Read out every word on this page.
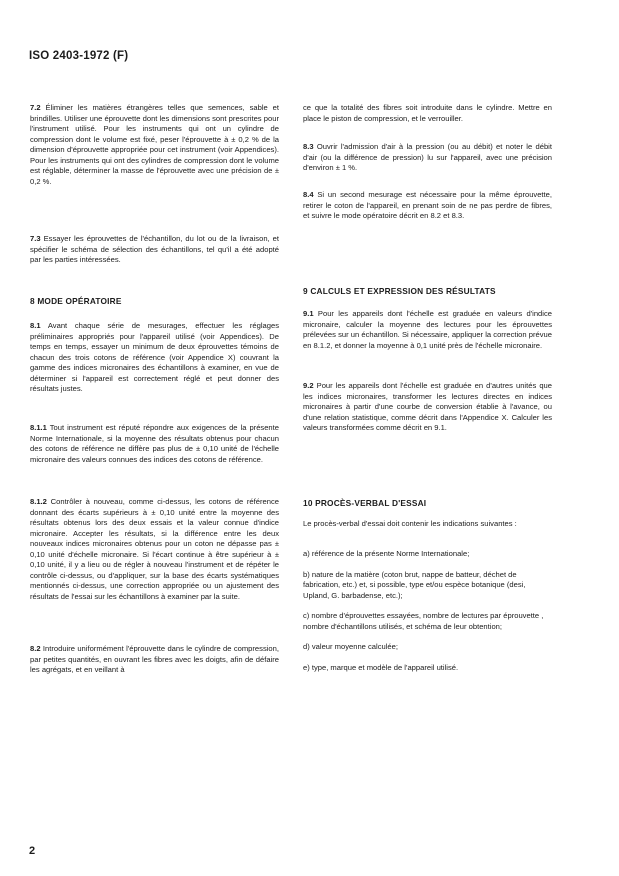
ISO 2403-1972 (F)
7.2 Éliminer les matières étrangères telles que semences, sable et brindilles. Utiliser une éprouvette dont les dimensions sont prescrites pour l'instrument utilisé. Pour les instruments qui ont un cylindre de compression dont le volume est fixé, peser l'éprouvette à ± 0,2 % de la dimension d'éprouvette appropriée pour cet instrument (voir Appendices). Pour les instruments qui ont des cylindres de compression dont le volume est réglable, déterminer la masse de l'éprouvette avec une précision de ± 0,2 %.
7.3 Essayer les éprouvettes de l'échantillon, du lot ou de la livraison, et spécifier le schéma de sélection des échantillons, tel qu'il a été adopté par les parties intéressées.
8 MODE OPÉRATOIRE
8.1 Avant chaque série de mesurages, effectuer les réglages préliminaires appropriés pour l'appareil utilisé (voir Appendices). De temps en temps, essayer un minimum de deux éprouvettes témoins de chacun des trois cotons de référence (voir Appendice X) couvrant la gamme des indices micronaires des échantillons à examiner, en vue de déterminer si l'appareil est correctement réglé et peut donner des résultats justes.
8.1.1 Tout instrument est réputé répondre aux exigences de la présente Norme Internationale, si la moyenne des résultats obtenus pour chacun des cotons de référence ne diffère pas plus de ± 0,10 unité de l'échelle micronaire des valeurs connues des indices des cotons de référence.
8.1.2 Contrôler à nouveau, comme ci-dessus, les cotons de référence donnant des écarts supérieurs à ± 0,10 unité entre la moyenne des résultats obtenus lors des deux essais et la valeur connue d'indice micronaire. Accepter les résultats, si la différence entre les deux nouveaux indices micronaires obtenus pour un coton ne dépasse pas ± 0,10 unité d'échelle micronaire. Si l'écart continue à être supérieur à ± 0,10 unité, il y a lieu ou de régler à nouveau l'instrument et de répéter le contrôle ci-dessus, ou d'appliquer, sur la base des écarts systématiques mentionnés ci-dessus, une correction appropriée ou un ajustement des résultats de l'essai sur les échantillons à examiner par la suite.
8.2 Introduire uniformément l'éprouvette dans le cylindre de compression, par petites quantités, en ouvrant les fibres avec les doigts, afin de défaire les agrégats, et en veillant à
ce que la totalité des fibres soit introduite dans le cylindre. Mettre en place le piston de compression, et le verrouiller.
8.3 Ouvrir l'admission d'air à la pression (ou au débit) et noter le débit d'air (ou la différence de pression) lu sur l'appareil, avec une précision d'environ ± 1 %.
8.4 Si un second mesurage est nécessaire pour la même éprouvette, retirer le coton de l'appareil, en prenant soin de ne pas perdre de fibres, et suivre le mode opératoire décrit en 8.2 et 8.3.
9 CALCULS ET EXPRESSION DES RÉSULTATS
9.1 Pour les appareils dont l'échelle est graduée en valeurs d'indice micronaire, calculer la moyenne des lectures pour les éprouvettes prélevées sur un échantillon. Si nécessaire, appliquer la correction prévue en 8.1.2, et donner la moyenne à 0,1 unité près de l'échelle micronaire.
9.2 Pour les appareils dont l'échelle est graduée en d'autres unités que les indices micronaires, transformer les lectures directes en indices micronaires à partir d'une courbe de conversion établie à l'avance, ou d'une relation statistique, comme décrit dans l'Appendice X. Calculer les valeurs transformées comme décrit en 9.1.
10 PROCÈS-VERBAL D'ESSAI
Le procès-verbal d'essai doit contenir les indications suivantes :
a) référence de la présente Norme Internationale;
b) nature de la matière (coton brut, nappe de batteur, déchet de fabrication, etc.) et, si possible, type et/ou espèce botanique (desi, Upland, G. barbadense, etc.);
c) nombre d'éprouvettes essayées, nombre de lectures par éprouvette , nombre d'échantillons utilisés, et schéma de leur obtention;
d) valeur moyenne calculée;
e) type, marque et modèle de l'appareil utilisé.
2
